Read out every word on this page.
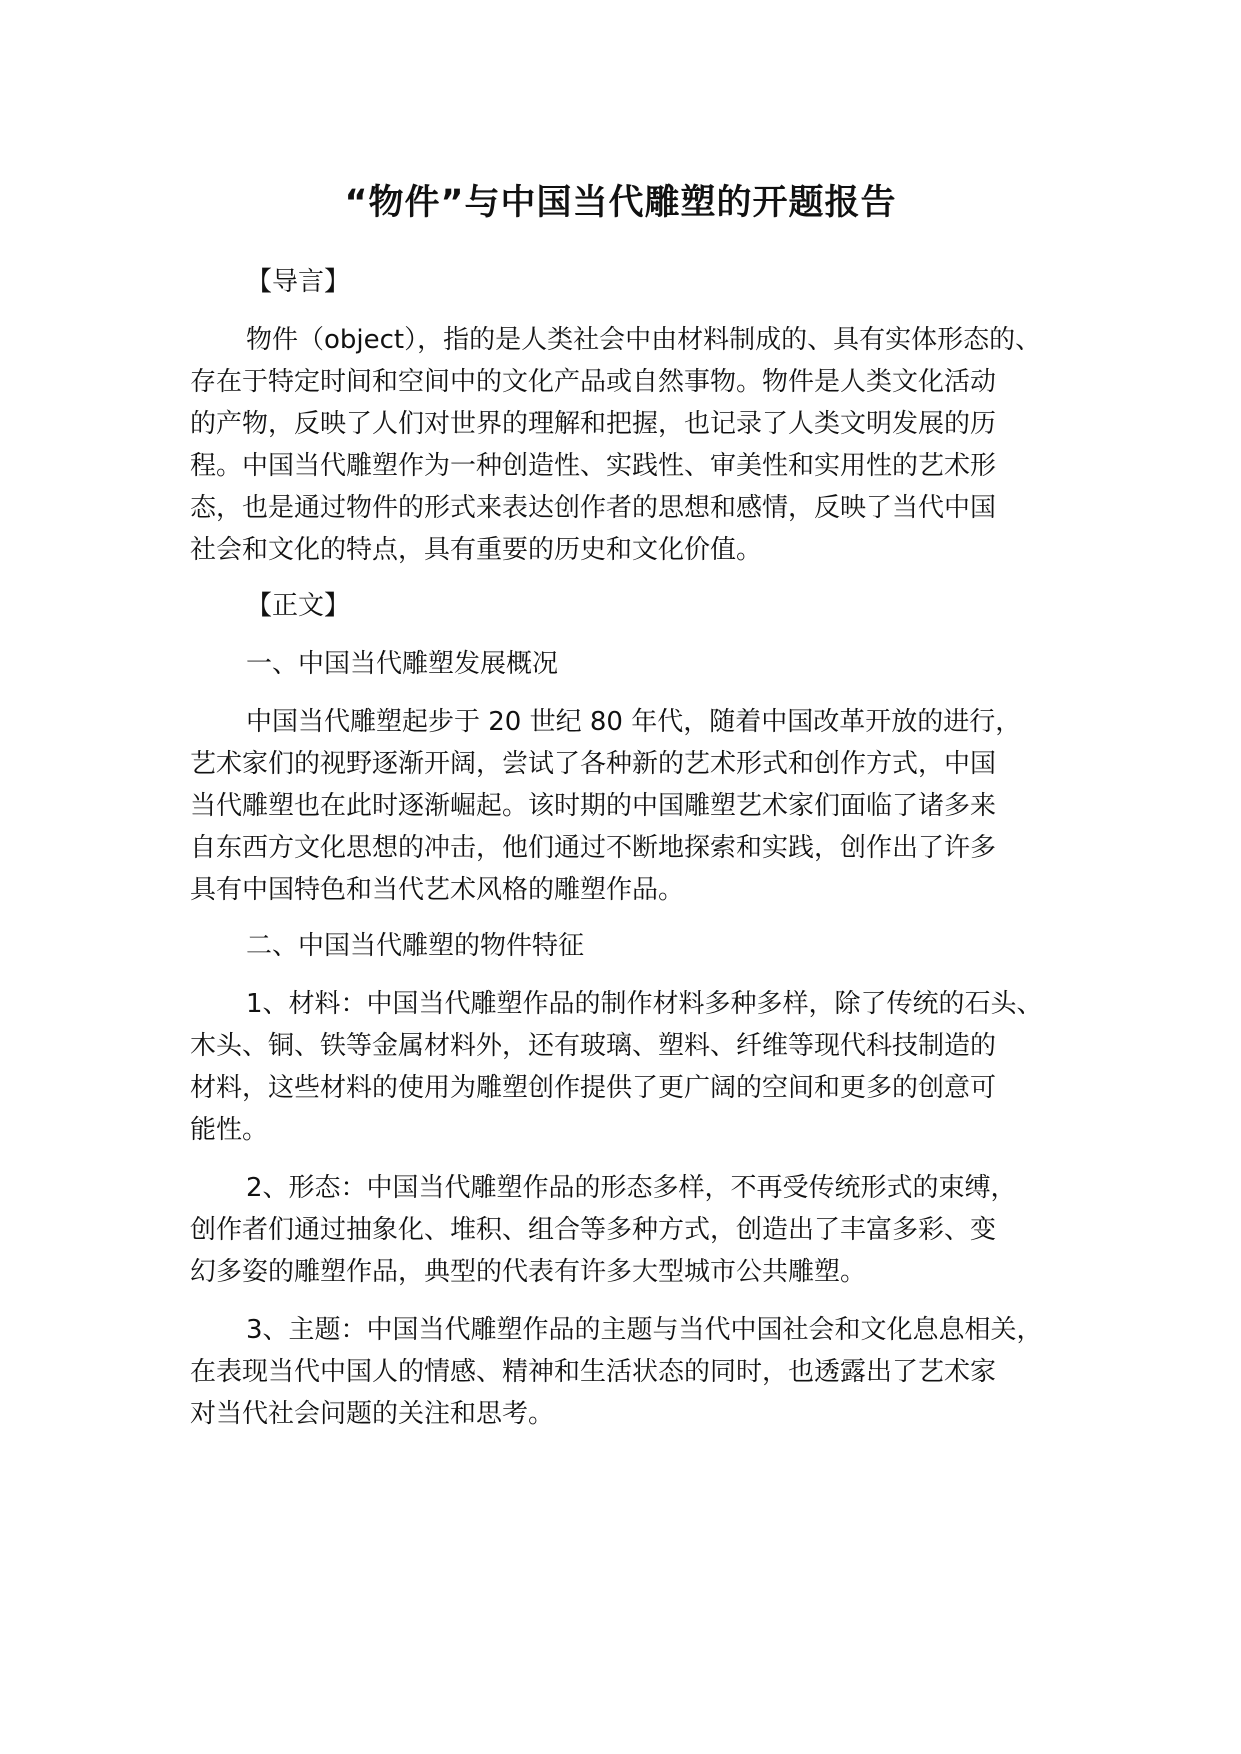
“物件”与中国当代雕塑的开题报告
【导言】
物件（object），指的是人类社会中由材料制成的、具有实体形态的、
存在于特定时间和空间中的文化产品或自然事物。物件是人类文化活动
的产物，反映了人们对世界的理解和把握，也记录了人类文明发展的历
程。中国当代雕塑作为一种创造性、实践性、审美性和实用性的艺术形
态，也是通过物件的形式来表达创作者的思想和感情，反映了当代中国
社会和文化的特点，具有重要的历史和文化价值。
【正文】
一、中国当代雕塑发展概况
中国当代雕塑起步于 20 世纪 80 年代，随着中国改革开放的进行，
艺术家们的视野逐渐开阔，尝试了各种新的艺术形式和创作方式，中国
当代雕塑也在此时逐渐崛起。该时期的中国雕塑艺术家们面临了诸多来
自东西方文化思想的冲击，他们通过不断地探索和实践，创作出了许多
具有中国特色和当代艺术风格的雕塑作品。
二、中国当代雕塑的物件特征
1、材料：中国当代雕塑作品的制作材料多种多样，除了传统的石头、
木头、铜、铁等金属材料外，还有玻璃、塑料、纤维等现代科技制造的
材料，这些材料的使用为雕塑创作提供了更广阔的空间和更多的创意可
能性。
2、形态：中国当代雕塑作品的形态多样，不再受传统形式的束缚，
创作者们通过抽象化、堆积、组合等多种方式，创造出了丰富多彩、变
幻多姿的雕塑作品，典型的代表有许多大型城市公共雕塑。
3、主题：中国当代雕塑作品的主题与当代中国社会和文化息息相关，
在表现当代中国人的情感、精神和生活状态的同时，也透露出了艺术家
对当代社会问题的关注和思考。
